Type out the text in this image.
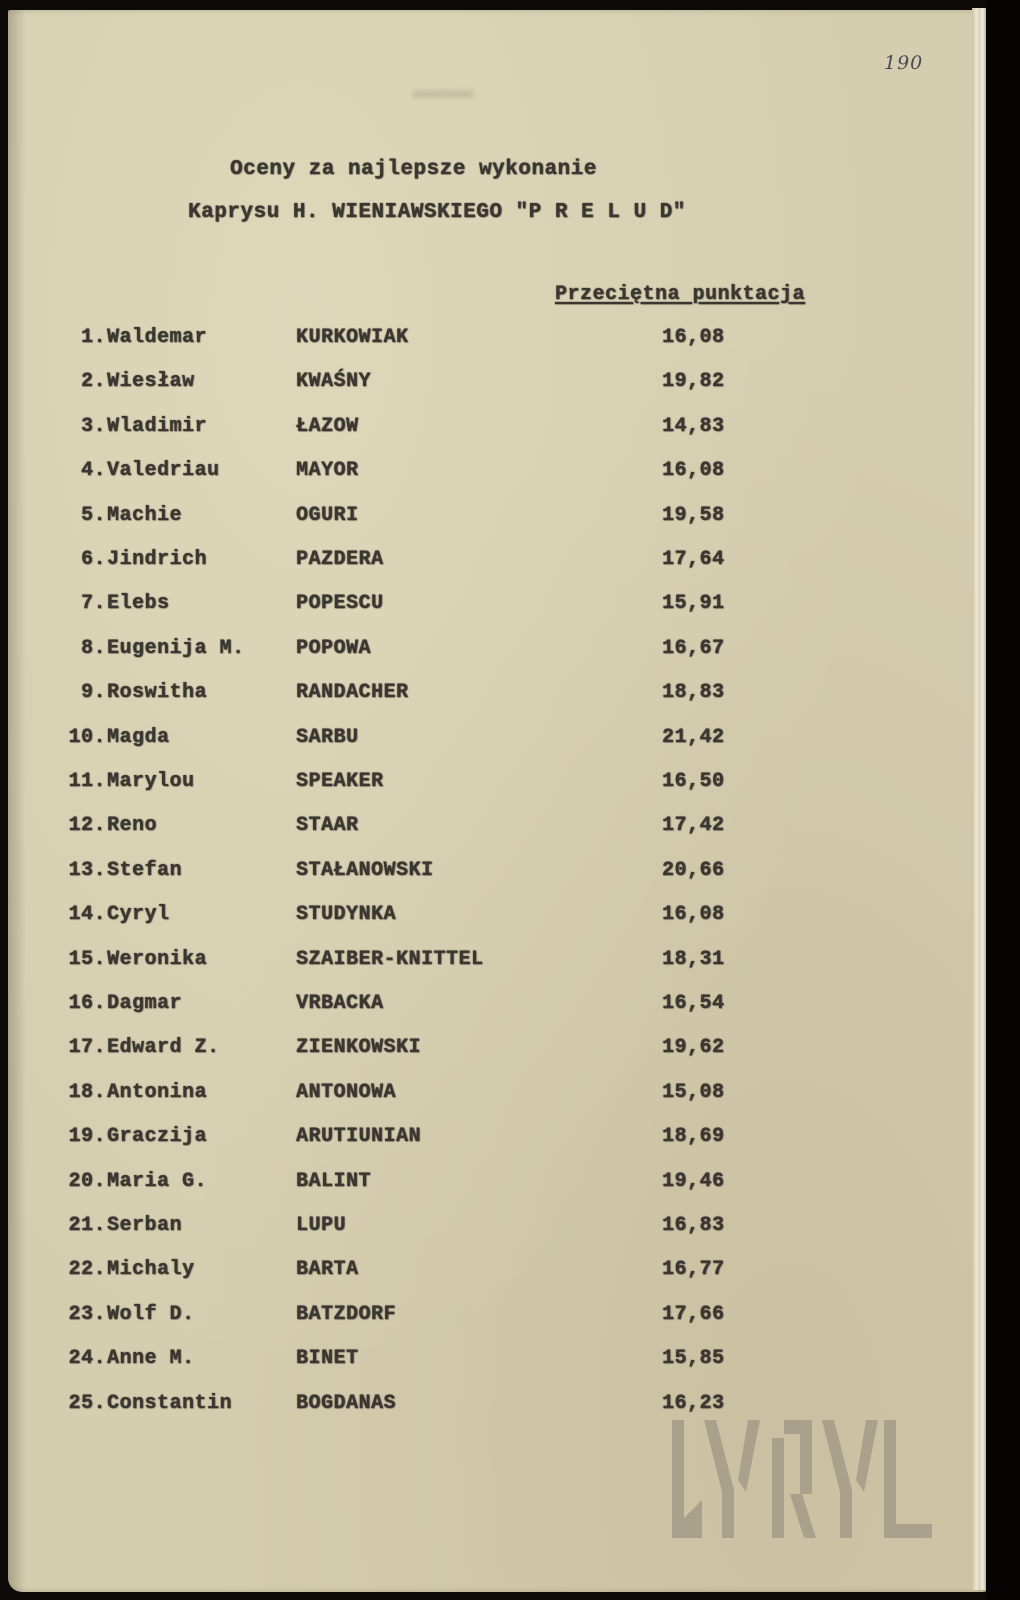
190
Oceny za najlepsze wykonanie
Kaprysu H. WIENIAWSKIEGO "P R E L U D"
Przeciętna punktacja
1. Waldemar	KURKOWIAK	16,08
2. Wiesław	KWAŚNY	19,82
3. Wladimir	ŁAZOW	14,83
4. Valedriau	MAYOR	16,08
5. Machie	OGURI	19,58
6. Jindrich	PAZDERA	17,64
7. Elebs	POPESCU	15,91
8. Eugenija M.	POPOWA	16,67
9. Roswitha	RANDACHER	18,83
10. Magda	SARBU	21,42
11. Marylou	SPEAKER	16,50
12. Reno	STAAR	17,42
13. Stefan	STAŁANOWSKI	20,66
14. Cyryl	STUDYNKA	16,08
15. Weronika	SZAIBER-KNITTEL	18,31
16. Dagmar	VRBACKA	16,54
17. Edward Z.	ZIENKOWSKI	19,62
18. Antonina	ANTONOWA	15,08
19. Graczija	ARUTIUNIAN	18,69
20. Maria G.	BALINT	19,46
21. Serban	LUPU	16,83
22. Michaly	BARTA	16,77
23. Wolf D.	BATZDORF	17,66
24. Anne M.	BINET	15,85
25. Constantin	BOGDANAS	16,23
